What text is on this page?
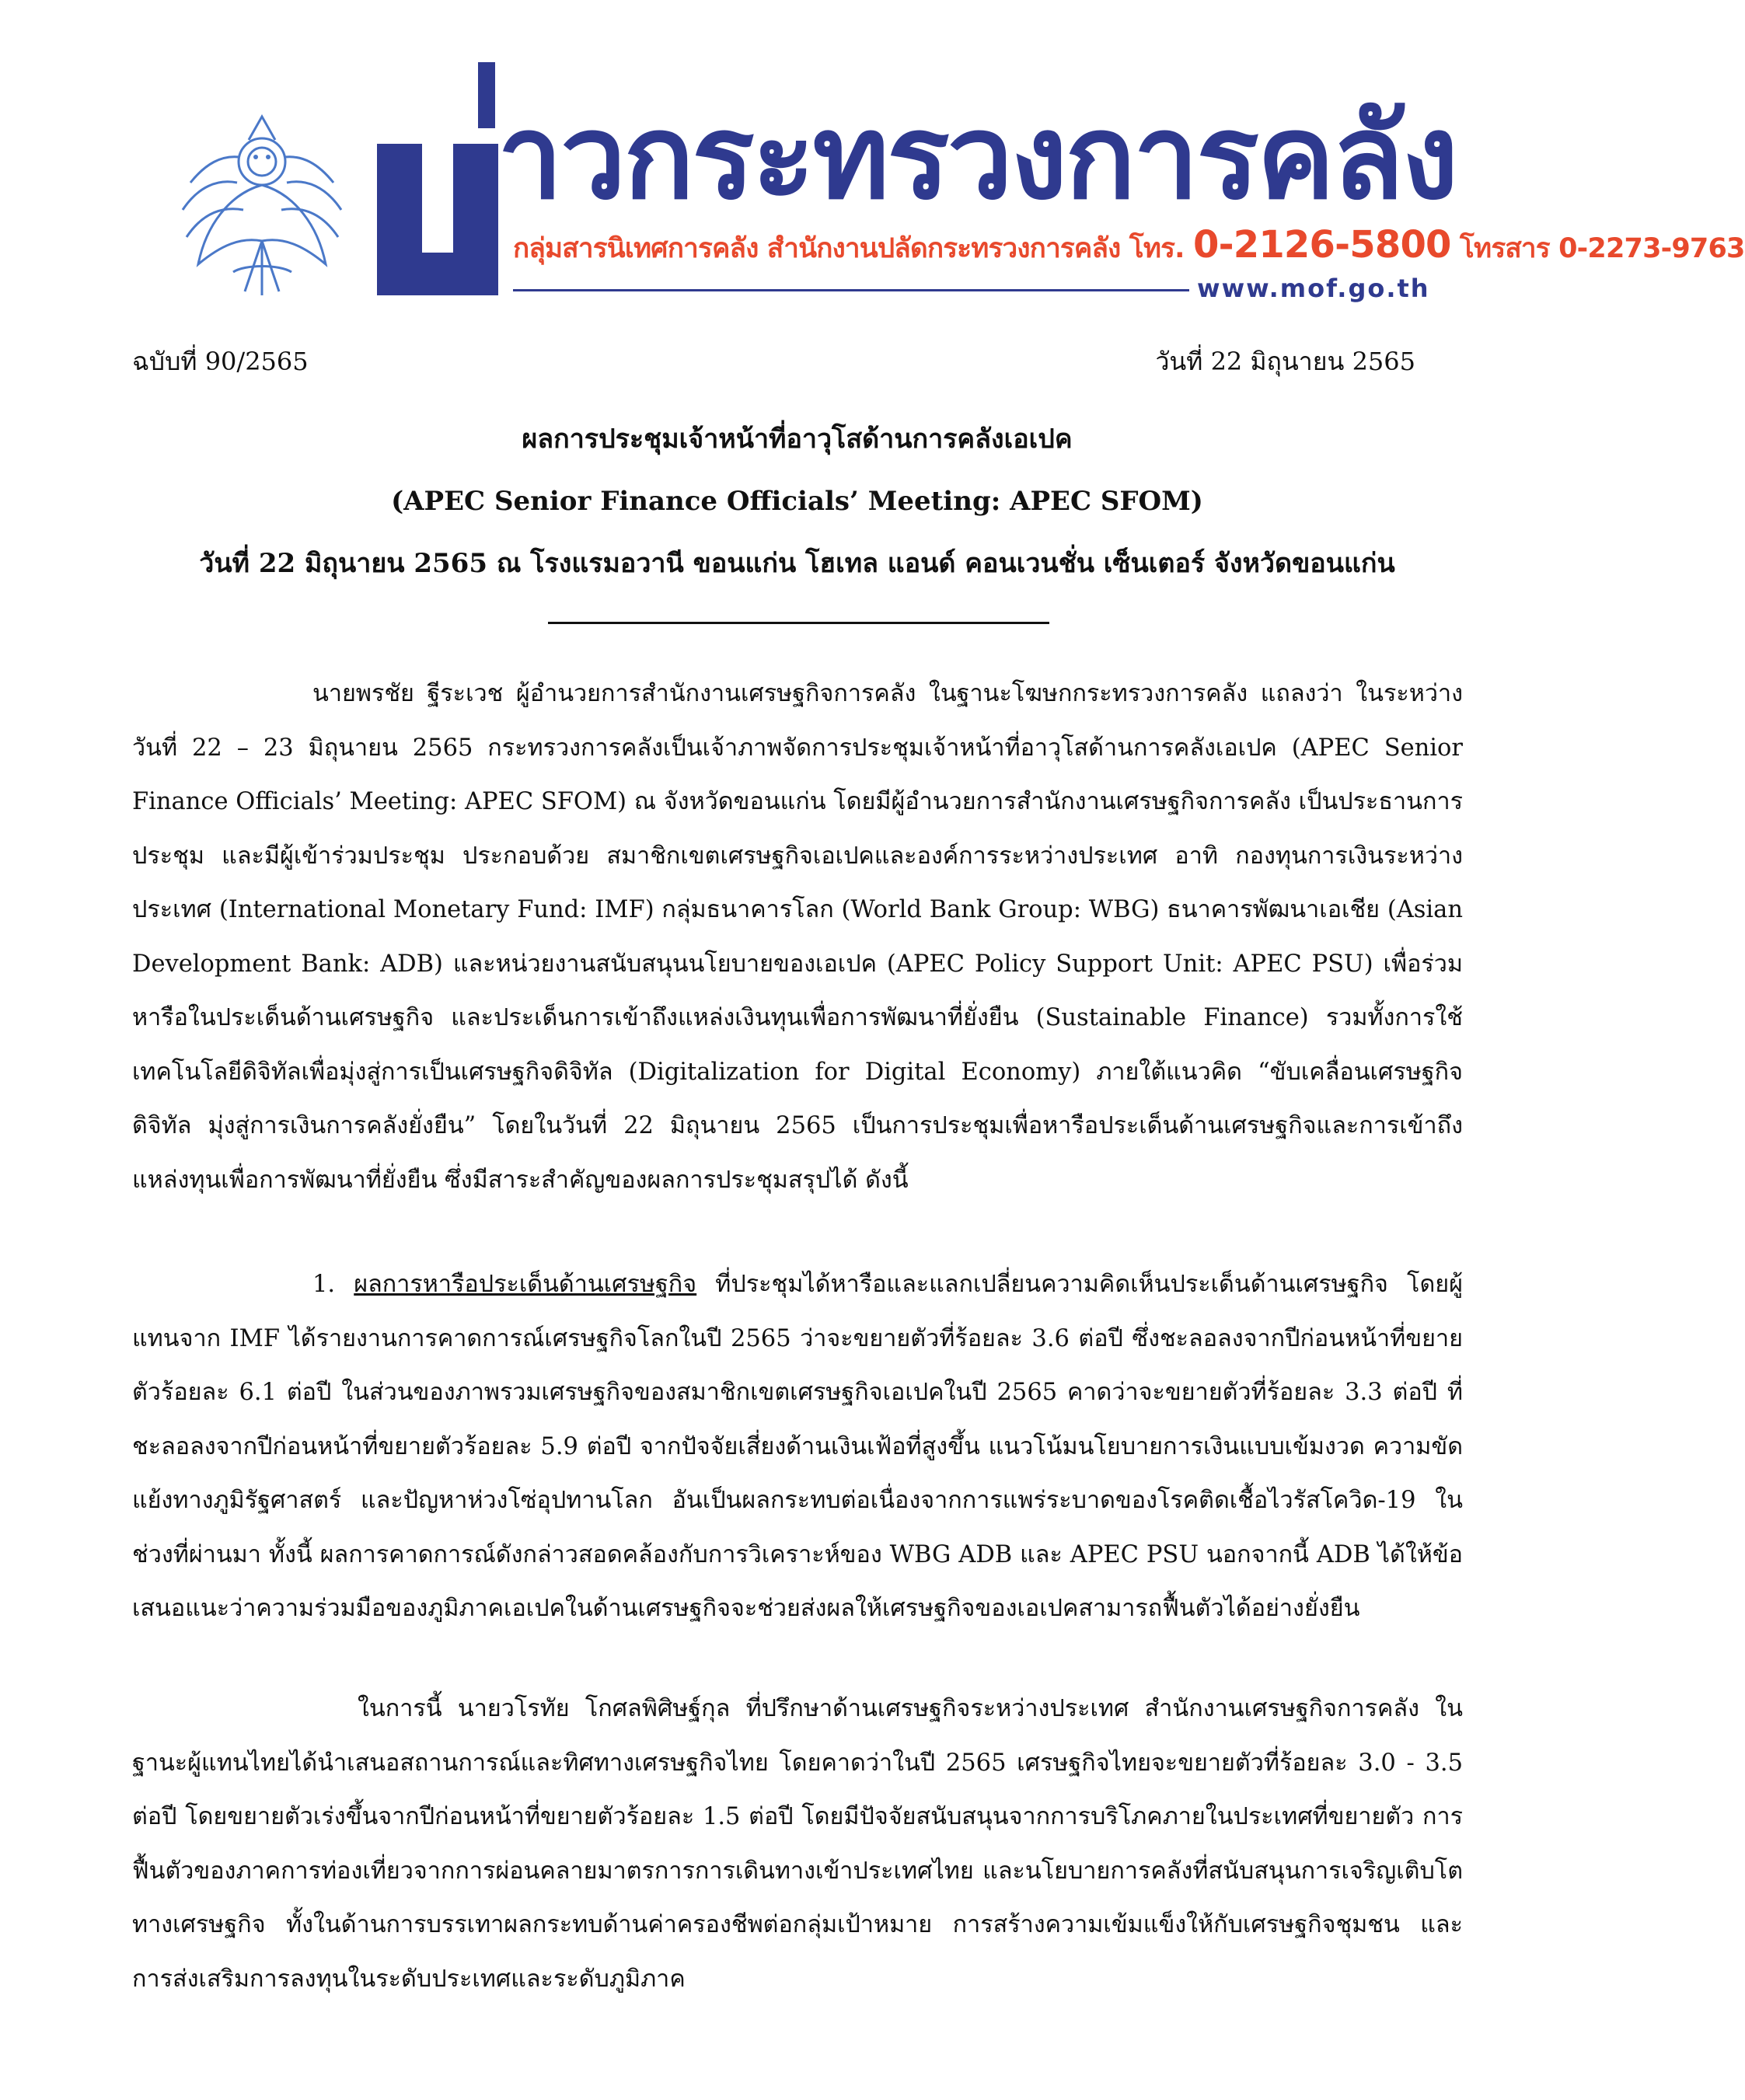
าวกระทรวงการคลัง
กลุ่มสารนิเทศการคลัง สำนักงานปลัดกระทรวงการคลัง โทร. 0-2126-5800 โทรสาร 0-2273-9763
www.mof.go.th
ฉบับที่ 90/2565	วันที่ 22 มิถุนายน 2565
ผลการประชุมเจ้าหน้าที่อาวุโสด้านการคลังเอเปค
(APEC Senior Finance Officials’ Meeting: APEC SFOM)
วันที่ 22 มิถุนายน 2565 ณ โรงแรมอวานี ขอนแก่น โฮเทล แอนด์ คอนเวนชั่น เซ็นเตอร์ จังหวัดขอนแก่น

นายพรชัย ฐีระเวช ผู้อำนวยการสำนักงานเศรษฐกิจการคลัง ในฐานะโฆษกกระทรวงการคลัง แถลงว่า ในระหว่างวันที่ 22 – 23 มิถุนายน 2565 กระทรวงการคลังเป็นเจ้าภาพจัดการประชุมเจ้าหน้าที่อาวุโสด้านการคลังเอเปค (APEC Senior Finance Officials’ Meeting: APEC SFOM) ณ จังหวัดขอนแก่น โดยมีผู้อำนวยการสำนักงานเศรษฐกิจการคลัง เป็นประธานการประชุม และมีผู้เข้าร่วมประชุม ประกอบด้วย สมาชิกเขตเศรษฐกิจเอเปคและองค์การระหว่างประเทศ อาทิ กองทุนการเงินระหว่างประเทศ (International Monetary Fund: IMF) กลุ่มธนาคารโลก (World Bank Group: WBG) ธนาคารพัฒนาเอเชีย (Asian Development Bank: ADB) และหน่วยงานสนับสนุนนโยบายของเอเปค (APEC Policy Support Unit: APEC PSU) เพื่อร่วมหารือในประเด็นด้านเศรษฐกิจ และประเด็นการเข้าถึงแหล่งเงินทุนเพื่อการพัฒนาที่ยั่งยืน (Sustainable Finance) รวมทั้งการใช้เทคโนโลยีดิจิทัลเพื่อมุ่งสู่การเป็นเศรษฐกิจดิจิทัล (Digitalization for Digital Economy) ภายใต้แนวคิด “ขับเคลื่อนเศรษฐกิจดิจิทัล มุ่งสู่การเงินการคลังยั่งยืน” โดยในวันที่ 22 มิถุนายน 2565 เป็นการประชุมเพื่อหารือประเด็นด้านเศรษฐกิจและการเข้าถึงแหล่งทุนเพื่อการพัฒนาที่ยั่งยืน ซึ่งมีสาระสำคัญของผลการประชุมสรุปได้ ดังนี้

1. ผลการหารือประเด็นด้านเศรษฐกิจ ที่ประชุมได้หารือและแลกเปลี่ยนความคิดเห็นประเด็นด้านเศรษฐกิจ โดยผู้แทนจาก IMF ได้รายงานการคาดการณ์เศรษฐกิจโลกในปี 2565 ว่าจะขยายตัวที่ร้อยละ 3.6 ต่อปี ซึ่งชะลอลงจากปีก่อนหน้าที่ขยายตัวร้อยละ 6.1 ต่อปี ในส่วนของภาพรวมเศรษฐกิจของสมาชิกเขตเศรษฐกิจเอเปคในปี 2565 คาดว่าจะขยายตัวที่ร้อยละ 3.3 ต่อปี ที่ชะลอลงจากปีก่อนหน้าที่ขยายตัวร้อยละ 5.9 ต่อปี จากปัจจัยเสี่ยงด้านเงินเฟ้อที่สูงขึ้น แนวโน้มนโยบายการเงินแบบเข้มงวด ความขัดแย้งทางภูมิรัฐศาสตร์ และปัญหาห่วงโซ่อุปทานโลก อันเป็นผลกระทบต่อเนื่องจากการแพร่ระบาดของโรคติดเชื้อไวรัสโควิด-19 ในช่วงที่ผ่านมา ทั้งนี้ ผลการคาดการณ์ดังกล่าวสอดคล้องกับการวิเคราะห์ของ WBG ADB และ APEC PSU นอกจากนี้ ADB ได้ให้ข้อเสนอแนะว่าความร่วมมือของภูมิภาคเอเปคในด้านเศรษฐกิจจะช่วยส่งผลให้เศรษฐกิจของเอเปคสามารถฟื้นตัวได้อย่างยั่งยืน

ในการนี้ นายวโรทัย โกศลพิศิษฐ์กุล ที่ปรึกษาด้านเศรษฐกิจระหว่างประเทศ สำนักงานเศรษฐกิจการคลัง ในฐานะผู้แทนไทยได้นำเสนอสถานการณ์และทิศทางเศรษฐกิจไทย โดยคาดว่าในปี 2565 เศรษฐกิจไทยจะขยายตัวที่ร้อยละ 3.0 - 3.5 ต่อปี โดยขยายตัวเร่งขึ้นจากปีก่อนหน้าที่ขยายตัวร้อยละ 1.5 ต่อปี โดยมีปัจจัยสนับสนุนจากการบริโภคภายในประเทศที่ขยายตัว การฟื้นตัวของภาคการท่องเที่ยวจากการผ่อนคลายมาตรการการเดินทางเข้าประเทศไทย และนโยบายการคลังที่สนับสนุนการเจริญเติบโตทางเศรษฐกิจ ทั้งในด้านการบรรเทาผลกระทบด้านค่าครองชีพต่อกลุ่มเป้าหมาย การสร้างความเข้มแข็งให้กับเศรษฐกิจชุมชน และการส่งเสริมการลงทุนในระดับประเทศและระดับภูมิภาค
